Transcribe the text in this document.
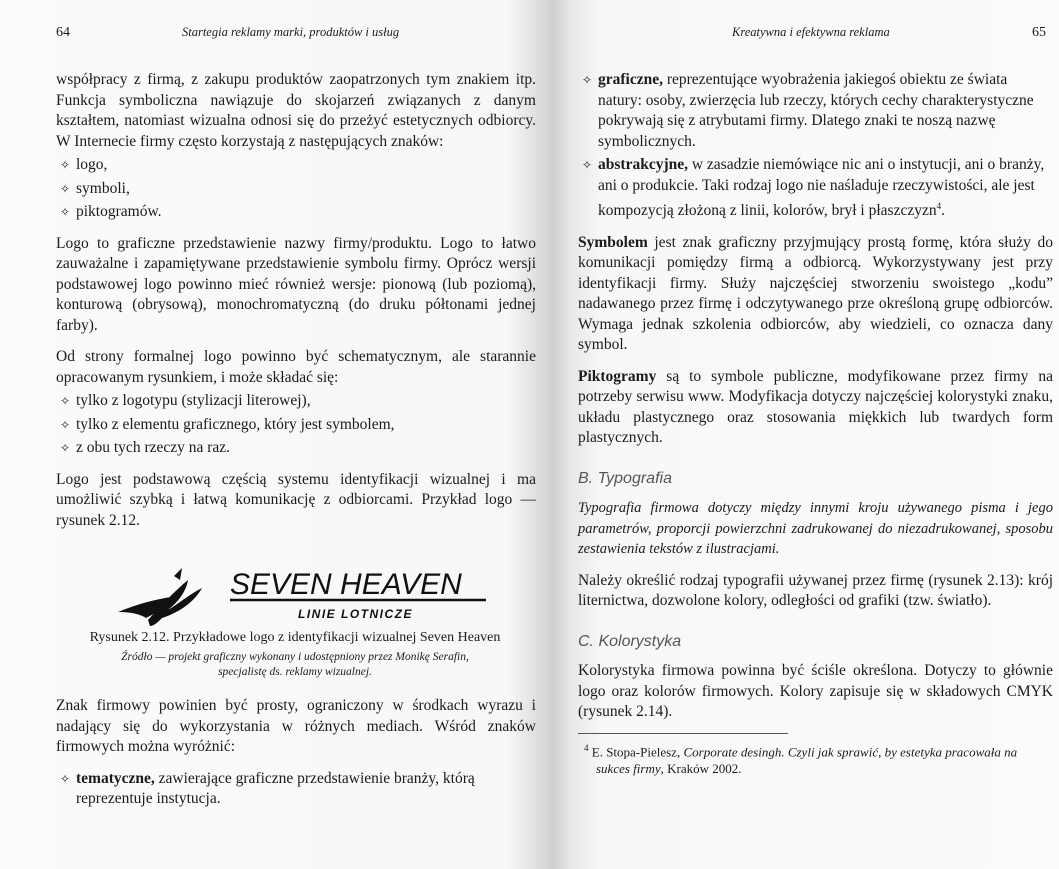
64	Startegia reklamy marki, produktów i usług

współpracy z firmą, z zakupu produktów zaopatrzonych tym znakiem itp. Funkcja symboliczna nawiązuje do skojarzeń związanych z danym kształtem, natomiast wizualna odnosi się do przeżyć estetycznych odbiorcy. W Internecie firmy często korzystają z następujących znaków:

✧ logo,
✧ symboli,
✧ piktogramów.

Logo to graficzne przedstawienie nazwy firmy/produktu. Logo to łatwo zauważalne i zapamiętywane przedstawienie symbolu firmy. Oprócz wersji podstawowej logo powinno mieć również wersje: pionową (lub poziomą), konturową (obrysową), monochromatyczną (do druku półtonami jednej farby).

Od strony formalnej logo powinno być schematycznym, ale starannie opracowanym rysunkiem, i może składać się:

✧ tylko z logotypu (stylizacji literowej),
✧ tylko z elementu graficznego, który jest symbolem,
✧ z obu tych rzeczy na raz.

Logo jest podstawową częścią systemu identyfikacji wizualnej i ma umożliwić szybką i łatwą komunikację z odbiorcami. Przykład logo — rysunek 2.12.

SEVEN HEAVEN
LINIE LOTNICZE
Rysunek 2.12. Przykładowe logo z identyfikacji wizualnej Seven Heaven
Źródło — projekt graficzny wykonany i udostępniony przez Monikę Serafin,
specjalistę ds. reklamy wizualnej.

Znak firmowy powinien być prosty, ograniczony w środkach wyrazu i nadający się do wykorzystania w różnych mediach. Wśród znaków firmowych można wyróżnić:

✧ tematyczne, zawierające graficzne przedstawienie branży, którą reprezentuje instytucja.
Kreatywna i efektywna reklama	65
✧ graficzne, reprezentujące wyobrażenia jakiegoś obiektu ze świata natury: osoby, zwierzęcia lub rzeczy, których cechy charakterystyczne pokrywają się z atrybutami firmy. Dlatego znaki te noszą nazwę symbolicznych.
✧ abstrakcyjne, w zasadzie niemówiące nic ani o instytucji, ani o branży, ani o produkcie. Taki rodzaj logo nie naśladuje rzeczywistości, ale jest kompozycją złożoną z linii, kolorów, brył i płaszczyzn$^4$.

Symbolem jest znak graficzny przyjmujący prostą formę, która służy do komunikacji pomiędzy firmą a odbiorcą. Wykorzystywany jest przy identyfikacji firmy. Służy najczęściej stworzeniu swoistego „kodu” nadawanego przez firmę i odczytywanego prze określoną grupę odbiorców. Wymaga jednak szkolenia odbiorców, aby wiedzieli, co oznacza dany symbol.

Piktogramy są to symbole publiczne, modyfikowane przez firmy na potrzeby serwisu www. Modyfikacja dotyczy najczęściej kolorystyki znaku, układu plastycznego oraz stosowania miękkich lub twardych form plastycznych.

B. Typografia

Typografia firmowa dotyczy między innymi kroju używanego pisma i jego parametrów, proporcji powierzchni zadrukowanej do niezadrukowanej, sposobu zestawienia tekstów z ilustracjami.

Należy określić rodzaj typografii używanej przez firmę (rysunek 2.13): krój liternictwa, dozwolone kolory, odległości od grafiki (tzw. światło).

C. Kolorystyka

Kolorystyka firmowa powinna być ściśle określona. Dotyczy to głównie logo oraz kolorów firmowych. Kolory zapisuje się w składowych CMYK (rysunek 2.14).

$^4$ E. Stopa-Pielesz, Corporate desingh. Czyli jak sprawić, by estetyka pracowała na sukces firmy, Kraków 2002.
